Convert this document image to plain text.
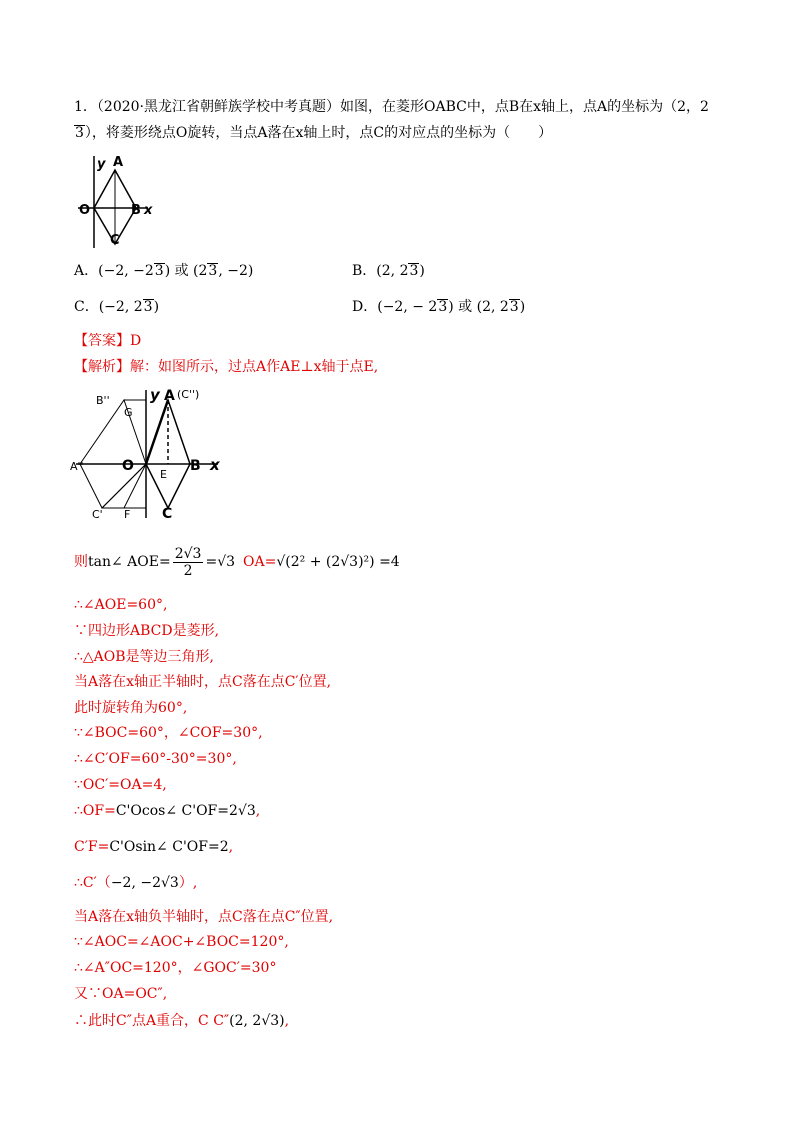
1．（2020·黑龙江省朝鲜族学校中考真题）如图，在菱形OABC中，点B在x轴上，点A的坐标为（2，2
3），将菱形绕点O旋转，当点A落在x轴上时，点C的对应点的坐标为（　　）
y A
O	B x
C
A．(−2, −23) 或 (23, −2)	B．(2, 23)
C．(−2, 23)	D．(−2, − 23) 或 (2, 23)
【答案】D
【解析】解：如图所示，过点A作AE⊥x轴于点E,
B''	y A (C'')
G
A''	O
E
B x
C' F C
则 tan∠ $AOE= \frac{2√3}{2} =√3$ OA= √(2² + (2√3)²) =4
∴∠AOE=60°,
∵四边形ABCD是菱形,
∴△AOB是等边三角形,
当A落在x轴正半轴时，点C落在点C′位置,
此时旋转角为60°,
∵∠BOC=60°，∠COF=30°,
∴∠C′OF=60°-30°=30°,
∵OC′=OA=4,
∴OF=C'Ocos∠ C'OF=2√3,
C′F=C'Osin∠ C'OF=2,
∴C′（−2, −2√3）,
当A落在x轴负半轴时，点C落在点C″位置,
∵∠AOC=∠AOC+∠BOC=120°,
∴∠A″OC=120°，∠GOC′=30°
又∵OA=OC″,
∴此时C″点A重合，C C″(2, 2√3),
